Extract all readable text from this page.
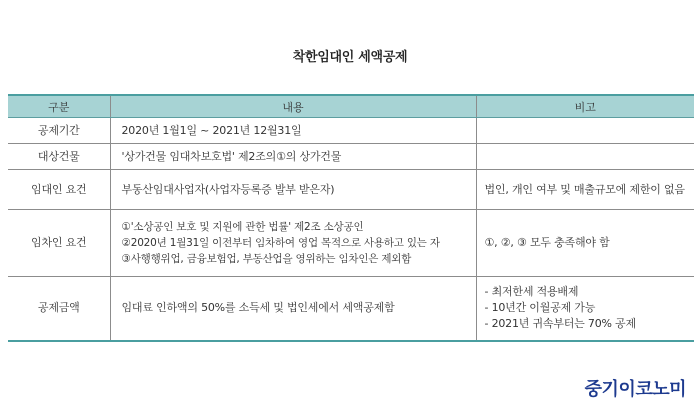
착한임대인 세액공제
구분	내용	비고
공제기간	2020년 1월1일 ~ 2021년 12월31일	

대상건물	'상가건물 임대차보호법' 제2조의①의 상가건물	

임대인 요건	부동산임대사업자(사업자등록증 발부 받은자)	법인, 개인 여부 및 매출규모에 제한이 없음

임차인 요건	①'소상공인 보호 및 지원에 관한 법률' 제2조 소상공인
②2020년 1월31일 이전부터 임차하여 영업 목적으로 사용하고 있는 자
③사행행위업, 금융보험업, 부동산업을 영위하는 임차인은 제외함	①, ②, ③ 모두 충족해야 함

공제금액	임대료 인하액의 50%를 소득세 및 법인세에서 세액공제함	- 최저한세 적용배제
- 10년간 이월공제 가능
- 2021년 귀속부터는 70% 공제
중기이코노미
